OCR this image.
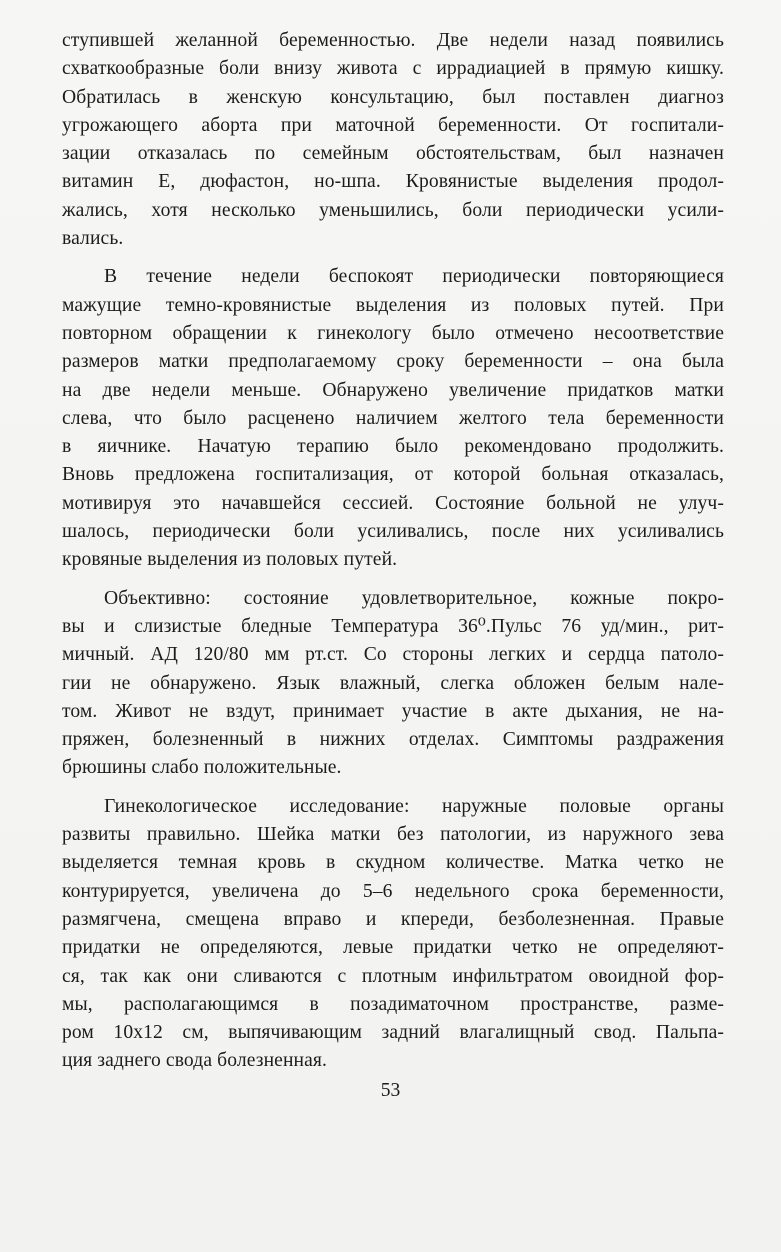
ступившей желанной беременностью. Две недели назад появились
схваткообразные боли внизу живота с иррадиацией в прямую кишку.
Обратилась в женскую консультацию, был поставлен диагноз
угрожающего аборта при маточной беременности. От госпитали-
зации отказалась по семейным обстоятельствам, был назначен
витамин Е, дюфастон, но-шпа. Кровянистые выделения продол-
жались, хотя несколько уменьшились, боли периодически усили-
вались.

В течение недели беспокоят периодически повторяющиеся
мажущие темно-кровянистые выделения из половых путей. При
повторном обращении к гинекологу было отмечено несоответствие
размеров матки предполагаемому сроку беременности – она была
на две недели меньше. Обнаружено увеличение придатков матки
слева, что было расценено наличием желтого тела беременности
в яичнике. Начатую терапию было рекомендовано продолжить.
Вновь предложена госпитализация, от которой больная отказалась,
мотивируя это начавшейся сессией. Состояние больной не улуч-
шалось, периодически боли усиливались, после них усиливались
кровяные выделения из половых путей.

Объективно: состояние удовлетворительное, кожные покро-
вы и слизистые бледные Температура 36⁰.Пульс 76 уд/мин., рит-
мичный. АД 120/80 мм рт.ст. Со стороны легких и сердца патоло-
гии не обнаружено. Язык влажный, слегка обложен белым нале-
том. Живот не вздут, принимает участие в акте дыхания, не на-
пряжен, болезненный в нижних отделах. Симптомы раздражения
брюшины слабо положительные.

Гинекологическое исследование: наружные половые органы
развиты правильно. Шейка матки без патологии, из наружного зева
выделяется темная кровь в скудном количестве. Матка четко не
контурируется, увеличена до 5–6 недельного срока беременности,
размягчена, смещена вправо и кпереди, безболезненная. Правые
придатки не определяются, левые придатки четко не определяют-
ся, так как они сливаются с плотным инфильтратом овоидной фор-
мы, располагающимся в позадиматочном пространстве, разме-
ром 10х12 см, выпячивающим задний влагалищный свод. Пальпа-
ция заднего свода болезненная.

53
